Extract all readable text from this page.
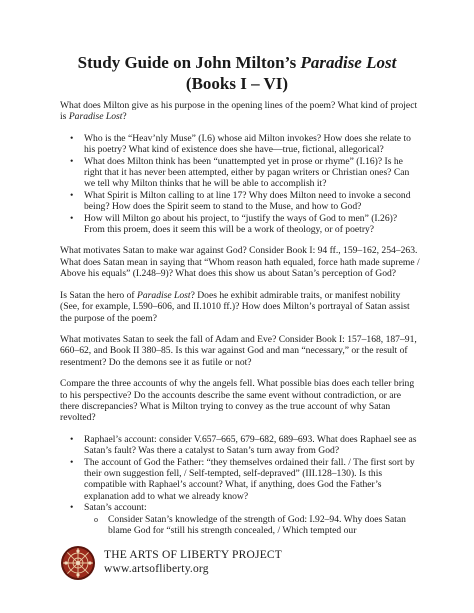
Study Guide on John Milton’s Paradise Lost
(Books I – VI)

What does Milton give as his purpose in the opening lines of the poem? What kind of project is Paradise Lost?

• Who is the “Heav’nly Muse” (I.6) whose aid Milton invokes? How does she relate to his poetry? What kind of existence does she have—true, fictional, allegorical?
• What does Milton think has been “unattempted yet in prose or rhyme” (I.16)? Is he right that it has never been attempted, either by pagan writers or Christian ones? Can we tell why Milton thinks that he will be able to accomplish it?
• What Spirit is Milton calling to at line 17? Why does Milton need to invoke a second being? How does the Spirit seem to stand to the Muse, and how to God?
• How will Milton go about his project, to “justify the ways of God to men” (I.26)? From this proem, does it seem this will be a work of theology, or of poetry?

What motivates Satan to make war against God? Consider Book I: 94 ff., 159–162, 254–263. What does Satan mean in saying that “Whom reason hath equaled, force hath made supreme / Above his equals” (I.248–9)? What does this show us about Satan’s perception of God?

Is Satan the hero of Paradise Lost? Does he exhibit admirable traits, or manifest nobility (See, for example, I.590–606, and II.1010 ff.)? How does Milton’s portrayal of Satan assist the purpose of the poem?

What motivates Satan to seek the fall of Adam and Eve? Consider Book I: 157–168, 187–91, 660–62, and Book II 380–85. Is this war against God and man “necessary,” or the result of resentment? Do the demons see it as futile or not?

Compare the three accounts of why the angels fell. What possible bias does each teller bring to his perspective? Do the accounts describe the same event without contradiction, or are there discrepancies? What is Milton trying to convey as the true account of why Satan revolted?

• Raphael’s account: consider V.657–665, 679–682, 689–693. What does Raphael see as Satan’s fault? Was there a catalyst to Satan’s turn away from God?
• The account of God the Father: “they themselves ordained their fall. / The first sort by their own suggestion fell, / Self-tempted, self-depraved” (III.128–130). Is this compatible with Raphael’s account? What, if anything, does God the Father’s explanation add to what we already know?
• Satan’s account:
o Consider Satan’s knowledge of the strength of God: I.92–94. Why does Satan blame God for “still his strength concealed, / Which tempted our
THE ARTS OF LIBERTY PROJECT
www.artsofliberty.org
